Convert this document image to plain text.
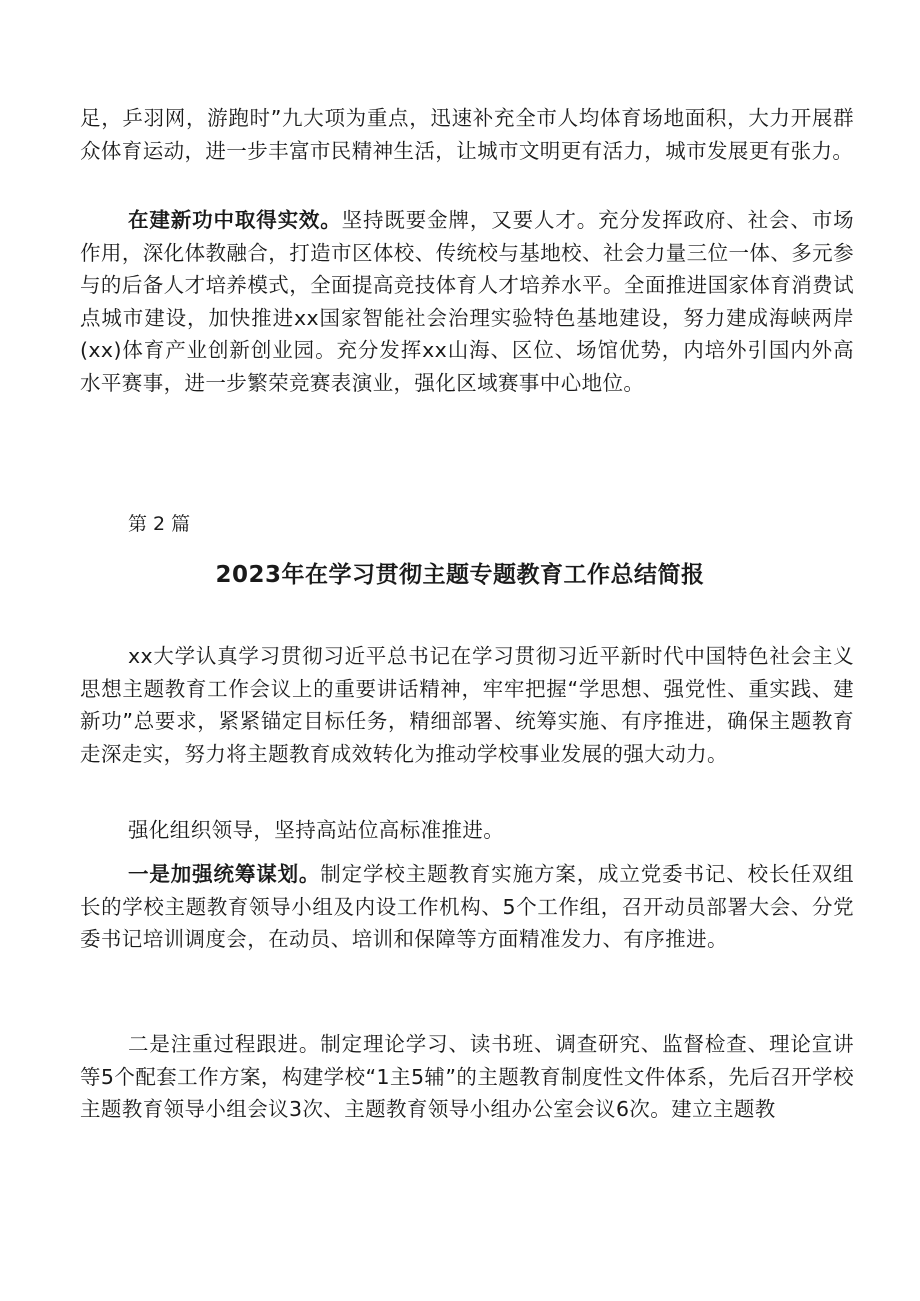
足，乒羽网，游跑时”九大项为重点，迅速补充全市人均体育场地面积，大力开展群众体育运动，进一步丰富市民精神生活，让城市文明更有活力，城市发展更有张力。

在建新功中取得实效。坚持既要金牌，又要人才。充分发挥政府、社会、市场作用，深化体教融合，打造市区体校、传统校与基地校、社会力量三位一体、多元参与的后备人才培养模式，全面提高竞技体育人才培养水平。全面推进国家体育消费试点城市建设，加快推进xx国家智能社会治理实验特色基地建设，努力建成海峡两岸(xx)体育产业创新创业园。充分发挥xx山海、区位、场馆优势，内培外引国内外高水平赛事，进一步繁荣竞赛表演业，强化区域赛事中心地位。

第 2 篇

2023年在学习贯彻主题专题教育工作总结简报

xx大学认真学习贯彻习近平总书记在学习贯彻习近平新时代中国特色社会主义思想主题教育工作会议上的重要讲话精神，牢牢把握“学思想、强党性、重实践、建新功”总要求，紧紧锚定目标任务，精细部署、统筹实施、有序推进，确保主题教育走深走实，努力将主题教育成效转化为推动学校事业发展的强大动力。

强化组织领导，坚持高站位高标准推进。

一是加强统筹谋划。制定学校主题教育实施方案，成立党委书记、校长任双组长的学校主题教育领导小组及内设工作机构、5个工作组，召开动员部署大会、分党委书记培训调度会，在动员、培训和保障等方面精准发力、有序推进。

二是注重过程跟进。制定理论学习、读书班、调查研究、监督检查、理论宣讲等5个配套工作方案，构建学校“1主5辅”的主题教育制度性文件体系，先后召开学校主题教育领导小组会议3次、主题教育领导小组办公室会议6次。建立主题教
